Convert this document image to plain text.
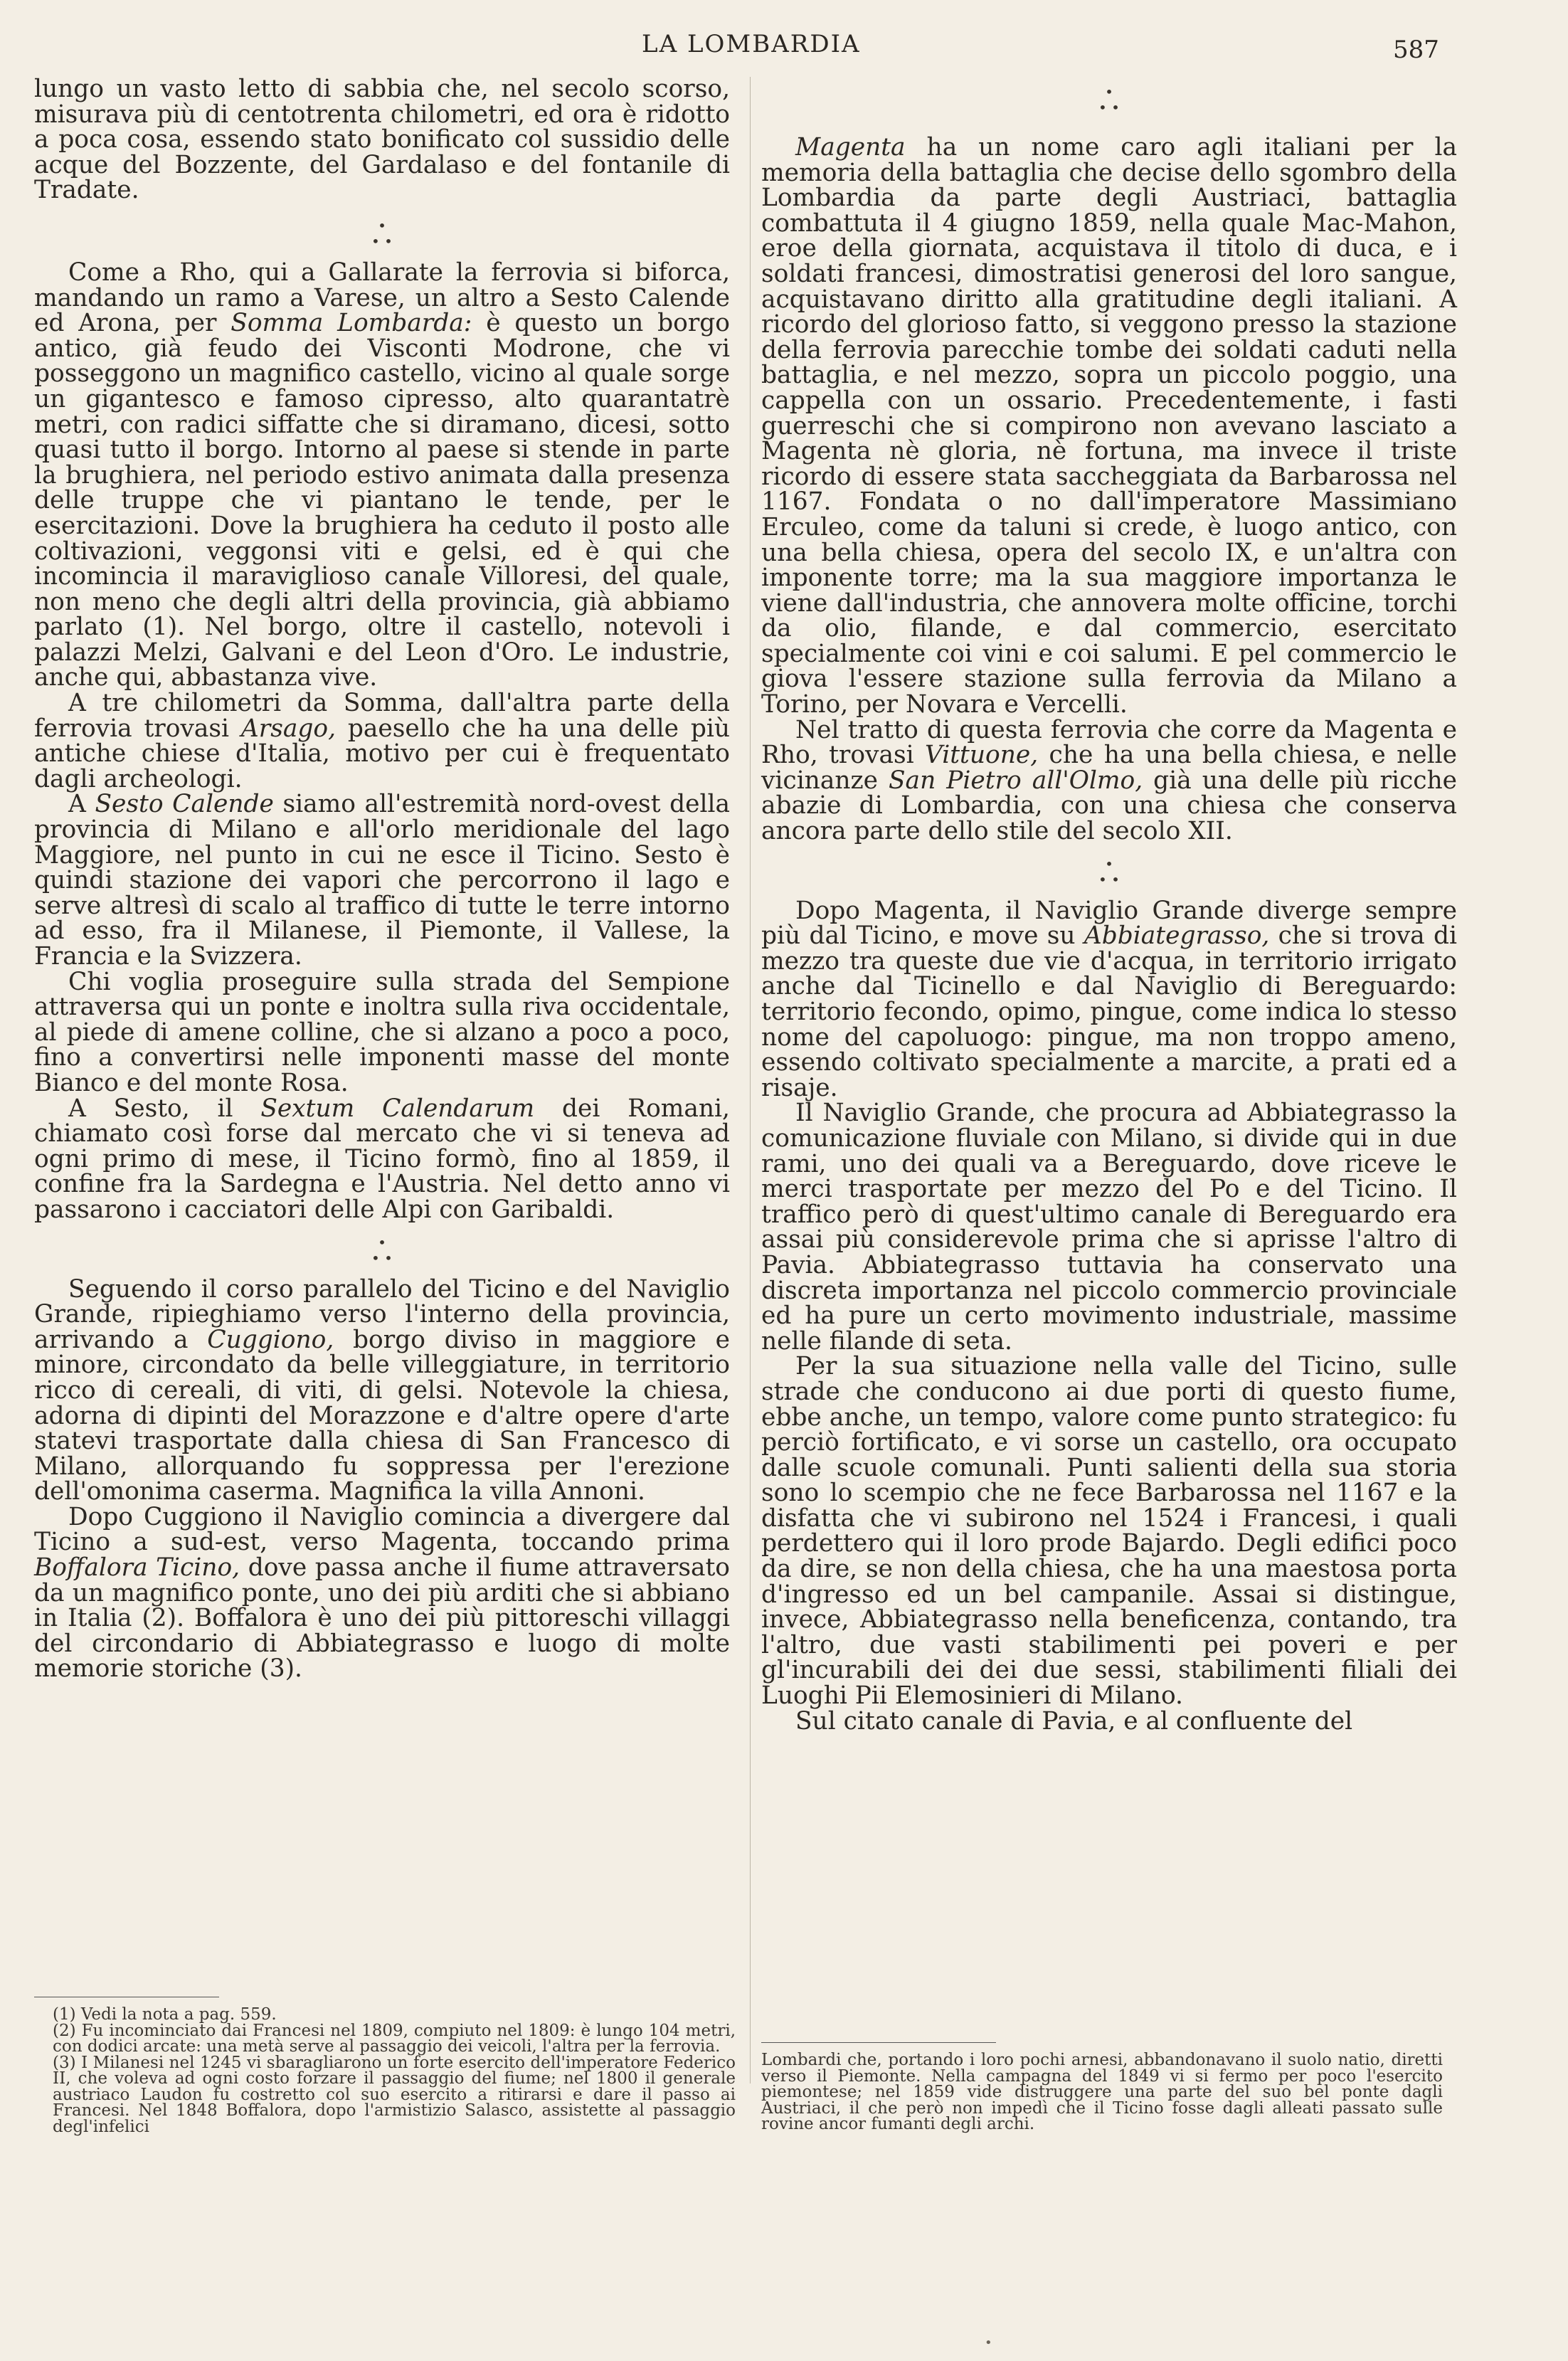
LA LOMBARDIA	587

lungo un vasto letto di sabbia che, nel secolo scorso, misurava più di centotrenta chilometri, ed ora è ridotto a poca cosa, essendo stato bonificato col sussidio delle acque del Bozzente, del Gardalaso e del fontanile di Tradate.

•
• •

Come a Rho, qui a Gallarate la ferrovia si biforca, mandando un ramo a Varese, un altro a Sesto Calende ed Arona, per Somma Lombarda: è questo un borgo antico, già feudo dei Visconti Modrone, che vi posseggono un magnifico castello, vicino al quale sorge un gigantesco e famoso cipresso, alto quarantatrè metri, con radici siffatte che si diramano, dicesi, sotto quasi tutto il borgo. Intorno al paese si stende in parte la brughiera, nel periodo estivo animata dalla presenza delle truppe che vi piantano le tende, per le esercitazioni. Dove la brughiera ha ceduto il posto alle coltivazioni, veggonsi viti e gelsi, ed è qui che incomincia il maraviglioso canale Villoresi, del quale, non meno che degli altri della provincia, già abbiamo parlato (1). Nel borgo, oltre il castello, notevoli i palazzi Melzi, Galvani e del Leon d'Oro. Le industrie, anche qui, abbastanza vive.

A tre chilometri da Somma, dall'altra parte della ferrovia trovasi Arsago, paesello che ha una delle più antiche chiese d'Italia, motivo per cui è frequentato dagli archeologi.

A Sesto Calende siamo all'estremità nord-ovest della provincia di Milano e all'orlo meridionale del lago Maggiore, nel punto in cui ne esce il Ticino. Sesto è quindi stazione dei vapori che percorrono il lago e serve altresì di scalo al traffico di tutte le terre intorno ad esso, fra il Milanese, il Piemonte, il Vallese, la Francia e la Svizzera.

Chi voglia proseguire sulla strada del Sempione attraversa qui un ponte e inoltra sulla riva occidentale, al piede di amene colline, che si alzano a poco a poco, fino a convertirsi nelle imponenti masse del monte Bianco e del monte Rosa.

A Sesto, il Sextum Calendarum dei Romani, chiamato così forse dal mercato che vi si teneva ad ogni primo di mese, il Ticino formò, fino al 1859, il confine fra la Sardegna e l'Austria. Nel detto anno vi passarono i cacciatori delle Alpi con Garibaldi.

•
• •

Seguendo il corso parallelo del Ticino e del Naviglio Grande, ripieghiamo verso l'interno della provincia, arrivando a Cuggiono, borgo diviso in maggiore e minore, circondato da belle villeggiature, in territorio ricco di cereali, di viti, di gelsi. Notevole la chiesa, adorna di dipinti del Morazzone e d'altre opere d'arte statevi trasportate dalla chiesa di San Francesco di Milano, allorquando fu soppressa per l'erezione dell'omonima caserma. Magnifica la villa Annoni.

Dopo Cuggiono il Naviglio comincia a divergere dal Ticino a sud-est, verso Magenta, toccando prima Boffalora Ticino, dove passa anche il fiume attraversato da un magnifico ponte, uno dei più arditi che si abbiano in Italia (2). Boffalora è uno dei più pittoreschi villaggi del circondario di Abbiategrasso e luogo di molte memorie storiche (3).

•
• •

Magenta ha un nome caro agli italiani per la memoria della battaglia che decise dello sgombro della Lombardia da parte degli Austriaci, battaglia combattuta il 4 giugno 1859, nella quale Mac-Mahon, eroe della giornata, acquistava il titolo di duca, e i soldati francesi, dimostratisi generosi del loro sangue, acquistavano diritto alla gratitudine degli italiani. A ricordo del glorioso fatto, si veggono presso la stazione della ferrovia parecchie tombe dei soldati caduti nella battaglia, e nel mezzo, sopra un piccolo poggio, una cappella con un ossario. Precedentemente, i fasti guerreschi che si compirono non avevano lasciato a Magenta nè gloria, nè fortuna, ma invece il triste ricordo di essere stata saccheggiata da Barbarossa nel 1167. Fondata o no dall'imperatore Massimiano Erculeo, come da taluni si crede, è luogo antico, con una bella chiesa, opera del secolo IX, e un'altra con imponente torre; ma la sua maggiore importanza le viene dall'industria, che annovera molte officine, torchi da olio, filande, e dal commercio, esercitato specialmente coi vini e coi salumi. E pel commercio le giova l'essere stazione sulla ferrovia da Milano a Torino, per Novara e Vercelli.

Nel tratto di questa ferrovia che corre da Magenta e Rho, trovasi Vittuone, che ha una bella chiesa, e nelle vicinanze San Pietro all'Olmo, già una delle più ricche abazie di Lombardia, con una chiesa che conserva ancora parte dello stile del secolo XII.

•
• •

Dopo Magenta, il Naviglio Grande diverge sempre più dal Ticino, e move su Abbiategrasso, che si trova di mezzo tra queste due vie d'acqua, in territorio irrigato anche dal Ticinello e dal Naviglio di Bereguardo: territorio fecondo, opimo, pingue, come indica lo stesso nome del capoluogo: pingue, ma non troppo ameno, essendo coltivato specialmente a marcite, a prati ed a risaje.

Il Naviglio Grande, che procura ad Abbiategrasso la comunicazione fluviale con Milano, si divide qui in due rami, uno dei quali va a Bereguardo, dove riceve le merci trasportate per mezzo del Po e del Ticino. Il traffico però di quest'ultimo canale di Bereguardo era assai più considerevole prima che si aprisse l'altro di Pavia. Abbiategrasso tuttavia ha conservato una discreta importanza nel piccolo commercio provinciale ed ha pure un certo movimento industriale, massime nelle filande di seta.

Per la sua situazione nella valle del Ticino, sulle strade che conducono ai due porti di questo fiume, ebbe anche, un tempo, valore come punto strategico: fu perciò fortificato, e vi sorse un castello, ora occupato dalle scuole comunali. Punti salienti della sua storia sono lo scempio che ne fece Barbarossa nel 1167 e la disfatta che vi subirono nel 1524 i Francesi, i quali perdettero qui il loro prode Bajardo. Degli edifici poco da dire, se non della chiesa, che ha una maestosa porta d'ingresso ed un bel campanile. Assai si distingue, invece, Abbiategrasso nella beneficenza, contando, tra l'altro, due vasti stabilimenti pei poveri e per gl'incurabili dei dei due sessi, stabilimenti filiali dei Luoghi Pii Elemosinieri di Milano.

Sul citato canale di Pavia, e al confluente del

(1) Vedi la nota a pag. 559.

(2) Fu incominciato dai Francesi nel 1809, compiuto nel 1809: è lungo 104 metri, con dodici arcate: una metà serve al passaggio dei veicoli, l'altra per la ferrovia.

(3) I Milanesi nel 1245 vi sbaragliarono un forte esercito dell'imperatore Federico II, che voleva ad ogni costo forzare il passaggio del fiume; nel 1800 il generale austriaco Laudon fu costretto col suo esercito a ritirarsi e dare il passo ai Francesi. Nel 1848 Boffalora, dopo l'armistizio Salasco, assistette al passaggio degl'infelici

Lombardi che, portando i loro pochi arnesi, abbandonavano il suolo natio, diretti verso il Piemonte. Nella campagna del 1849 vi si fermo per poco l'esercito piemontese; nel 1859 vide distruggere una parte del suo bel ponte dagli Austriaci, il che però non impedì che il Ticino fosse dagli alleati passato sulle rovine ancor fumanti degli archi.

•
